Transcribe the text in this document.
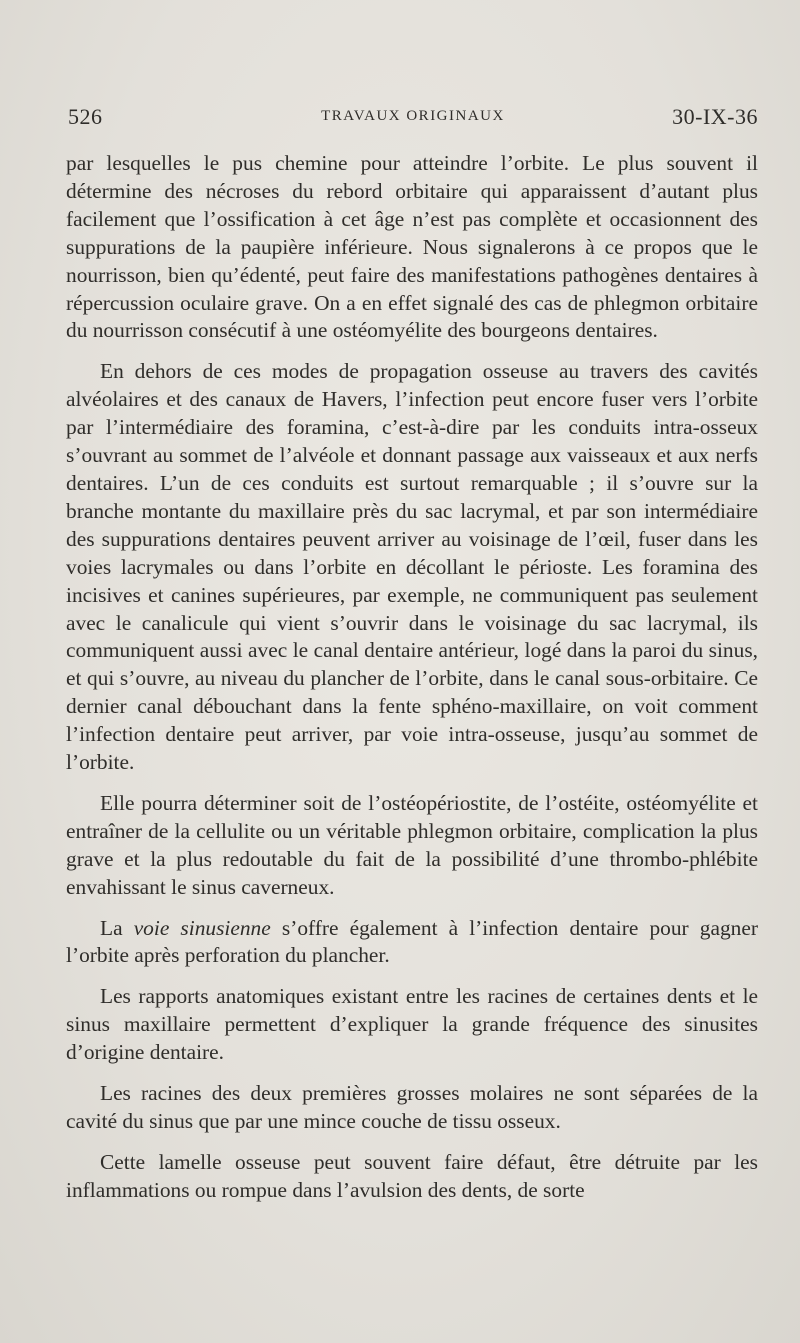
526	TRAVAUX ORIGINAUX	30-IX-36

par lesquelles le pus chemine pour atteindre l’orbite. Le plus souvent il détermine des nécroses du rebord orbitaire qui apparaissent d’autant plus facilement que l’ossification à cet âge n’est pas complète et occasionnent des suppurations de la paupière inférieure. Nous signalerons à ce propos que le nourrisson, bien qu’édenté, peut faire des manifestations pathogènes dentaires à répercussion oculaire grave. On a en effet signalé des cas de phlegmon orbitaire du nourrisson consécutif à une ostéomyélite des bourgeons dentaires.

En dehors de ces modes de propagation osseuse au travers des cavités alvéolaires et des canaux de Havers, l’infection peut encore fuser vers l’orbite par l’intermédiaire des foramina, c’est-à-dire par les conduits intra-osseux s’ouvrant au sommet de l’alvéole et donnant passage aux vaisseaux et aux nerfs dentaires. L’un de ces conduits est surtout remarquable ; il s’ouvre sur la branche montante du maxillaire près du sac lacrymal, et par son intermédiaire des suppurations dentaires peuvent arriver au voisinage de l’œil, fuser dans les voies lacrymales ou dans l’orbite en décollant le périoste. Les foramina des incisives et canines supérieures, par exemple, ne communiquent pas seulement avec le canalicule qui vient s’ouvrir dans le voisinage du sac lacrymal, ils communiquent aussi avec le canal dentaire antérieur, logé dans la paroi du sinus, et qui s’ouvre, au niveau du plancher de l’orbite, dans le canal sous-orbitaire. Ce dernier canal débouchant dans la fente sphéno-maxillaire, on voit comment l’infection dentaire peut arriver, par voie intra-osseuse, jusqu’au sommet de l’orbite.

Elle pourra déterminer soit de l’ostéopériostite, de l’ostéite, ostéomyélite et entraîner de la cellulite ou un véritable phlegmon orbitaire, complication la plus grave et la plus redoutable du fait de la possibilité d’une thrombo-phlébite envahissant le sinus caverneux.

La voie sinusienne s’offre également à l’infection dentaire pour gagner l’orbite après perforation du plancher.

Les rapports anatomiques existant entre les racines de certaines dents et le sinus maxillaire permettent d’expliquer la grande fréquence des sinusites d’origine dentaire.

Les racines des deux premières grosses molaires ne sont séparées de la cavité du sinus que par une mince couche de tissu osseux.

Cette lamelle osseuse peut souvent faire défaut, être détruite par les inflammations ou rompue dans l’avulsion des dents, de sorte
